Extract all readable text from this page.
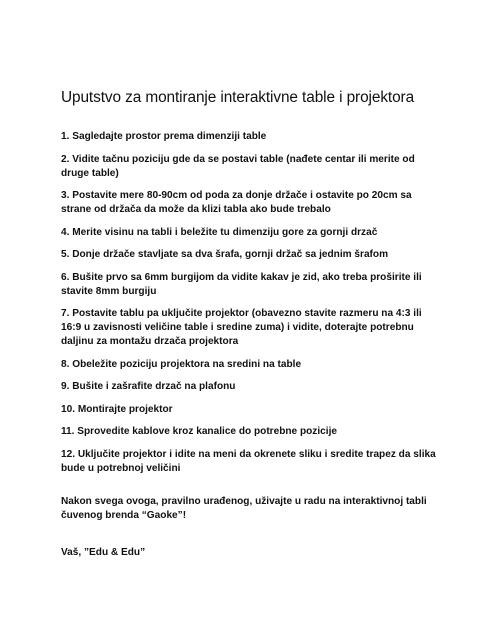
Uputstvo za montiranje interaktivne table i projektora
1. Sagledajte prostor prema dimenziji table
2. Vidite tačnu poziciju gde da se postavi table (nađete centar ili merite od druge table)
3. Postavite mere 80-90cm od poda za donje držače i ostavite po 20cm sa strane od držača da može da klizi tabla ako bude trebalo
4. Merite visinu na tabli i beležite tu dimenziju gore za gornji drzač
5. Donje držače stavljate sa dva šrafa, gornji držač sa jednim šrafom
6. Bušite prvo sa 6mm burgijom da vidite kakav je zid, ako treba proširite ili stavite 8mm burgiju
7. Postavite tablu pa uključite projektor (obavezno stavite razmeru na 4:3 ili 16:9 u zavisnosti veličine table i sredine zuma) i vidite, doterajte potrebnu daljinu za montažu drzača projektora
8. Obeležite poziciju projektora na sredini na table
9. Bušite i zašrafite drzač na plafonu
10. Montirajte projektor
11. Sprovedite kablove kroz kanalice do potrebne pozicije
12. Uključite projektor i idite na meni da okrenete sliku i sredite trapez da slika bude u potrebnoj veličini

Nakon svega ovoga, pravilno urađenog, uživajte u radu na interaktivnoj tabli čuvenog brenda “Gaoke”!

Vaš, ”Edu & Edu”
